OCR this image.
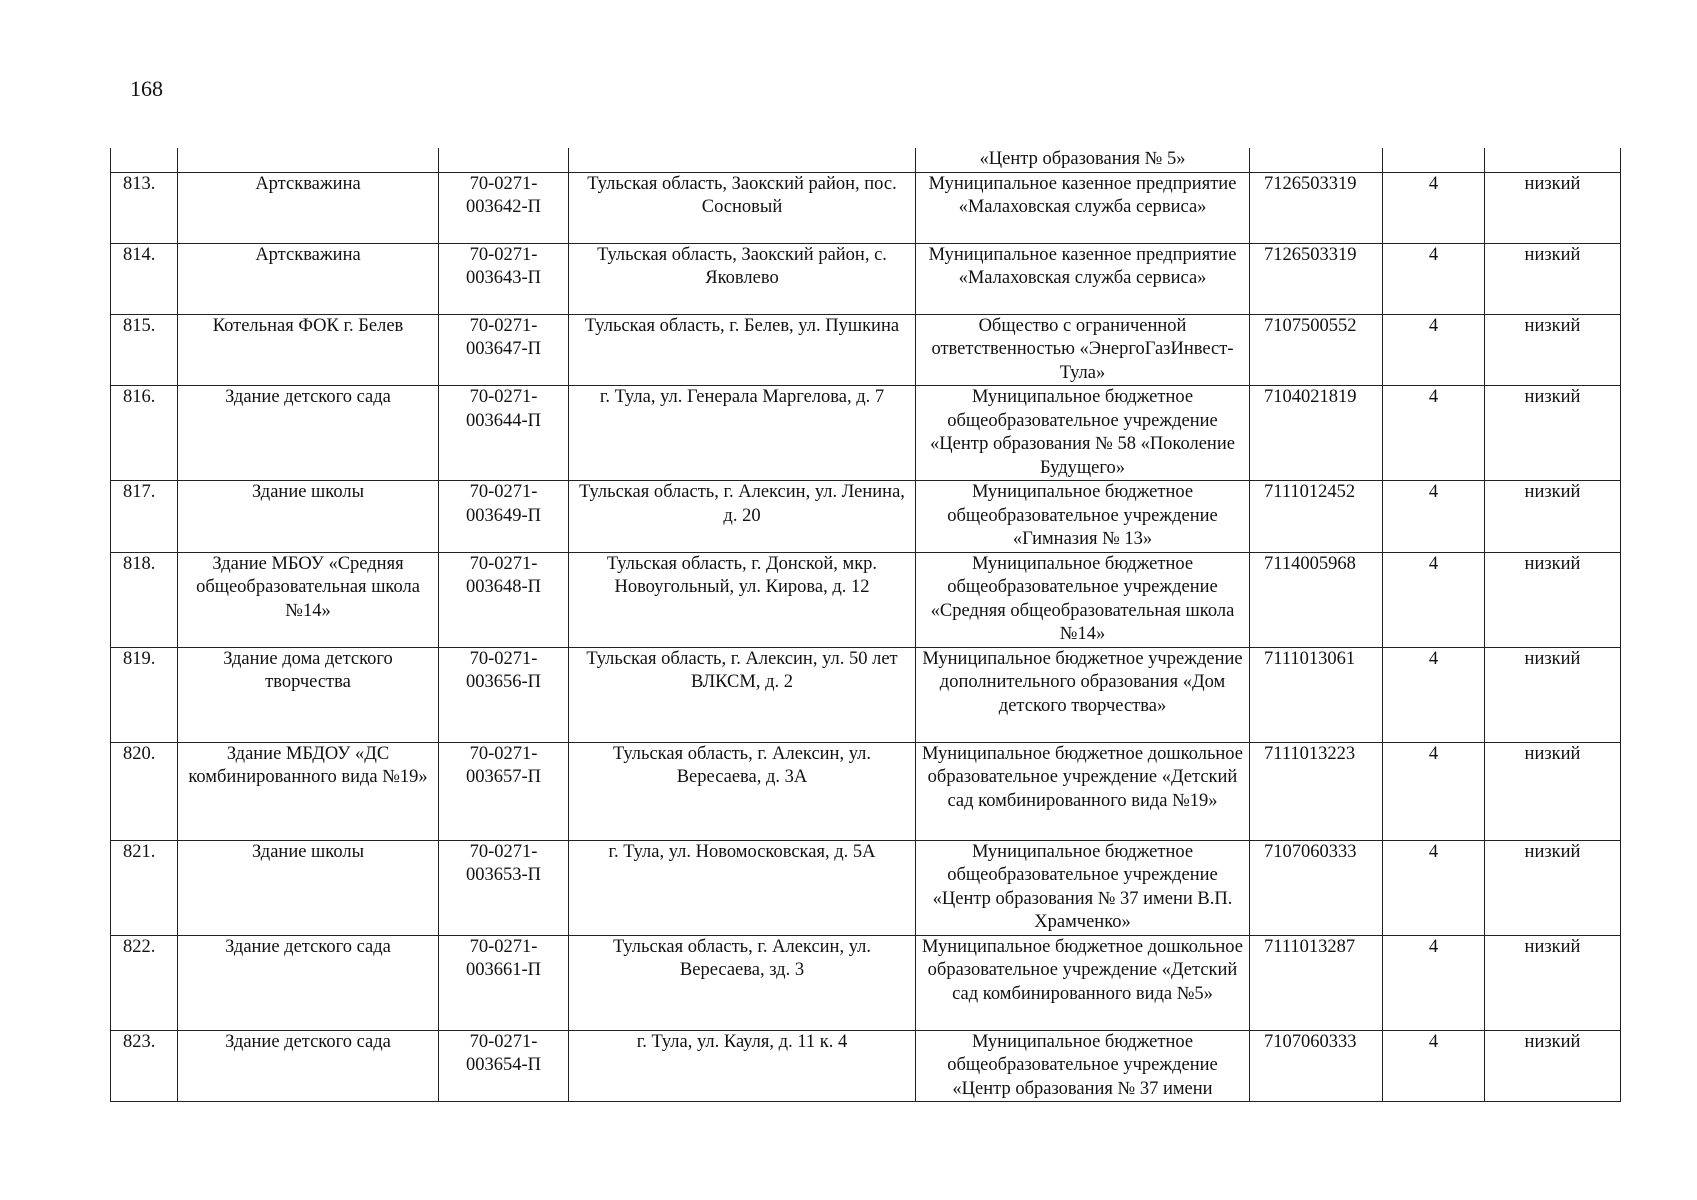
168
				«Центр образования № 5»			
813.	Артскважина	70-0271-003642-П	Тульская область, Заокский район, пос. Сосновый	Муниципальное казенное предприятие «Малаховская служба сервиса»	7126503319	4	низкий
814.	Артскважина	70-0271-003643-П	Тульская область, Заокский район, с. Яковлево	Муниципальное казенное предприятие «Малаховская служба сервиса»	7126503319	4	низкий
815.	Котельная ФОК г. Белев	70-0271-003647-П	Тульская область, г. Белев, ул. Пушкина	Общество с ограниченной ответственностью «ЭнергоГазИнвест-Тула»	7107500552	4	низкий
816.	Здание детского сада	70-0271-003644-П	г. Тула, ул. Генерала Маргелова, д. 7	Муниципальное бюджетное общеобразовательное учреждение «Центр образования № 58 «Поколение Будущего»	7104021819	4	низкий
817.	Здание школы	70-0271-003649-П	Тульская область, г. Алексин, ул. Ленина, д. 20	Муниципальное бюджетное общеобразовательное учреждение «Гимназия № 13»	7111012452	4	низкий
818.	Здание МБОУ «Средняя общеобразовательная школа №14»	70-0271-003648-П	Тульская область, г. Донской, мкр. Новоугольный, ул. Кирова, д. 12	Муниципальное бюджетное общеобразовательное учреждение «Средняя общеобразовательная школа №14»	7114005968	4	низкий
819.	Здание дома детского творчества	70-0271-003656-П	Тульская область, г. Алексин, ул. 50 лет ВЛКСМ, д. 2	Муниципальное бюджетное учреждение дополнительного образования «Дом детского творчества»	7111013061	4	низкий
820.	Здание МБДОУ «ДС комбинированного вида №19»	70-0271-003657-П	Тульская область, г. Алексин, ул. Вересаева, д. 3А	Муниципальное бюджетное дошкольное образовательное учреждение «Детский сад комбинированного вида №19»	7111013223	4	низкий
821.	Здание школы	70-0271-003653-П	г. Тула, ул. Новомосковская, д. 5А	Муниципальное бюджетное общеобразовательное учреждение «Центр образования № 37 имени В.П. Храмченко»	7107060333	4	низкий
822.	Здание детского сада	70-0271-003661-П	Тульская область, г. Алексин, ул. Вересаева, зд. 3	Муниципальное бюджетное дошкольное образовательное учреждение «Детский сад комбинированного вида №5»	7111013287	4	низкий
823.	Здание детского сада	70-0271-003654-П	г. Тула, ул. Кауля, д. 11 к. 4	Муниципальное бюджетное общеобразовательное учреждение «Центр образования № 37 имени	7107060333	4	низкий
